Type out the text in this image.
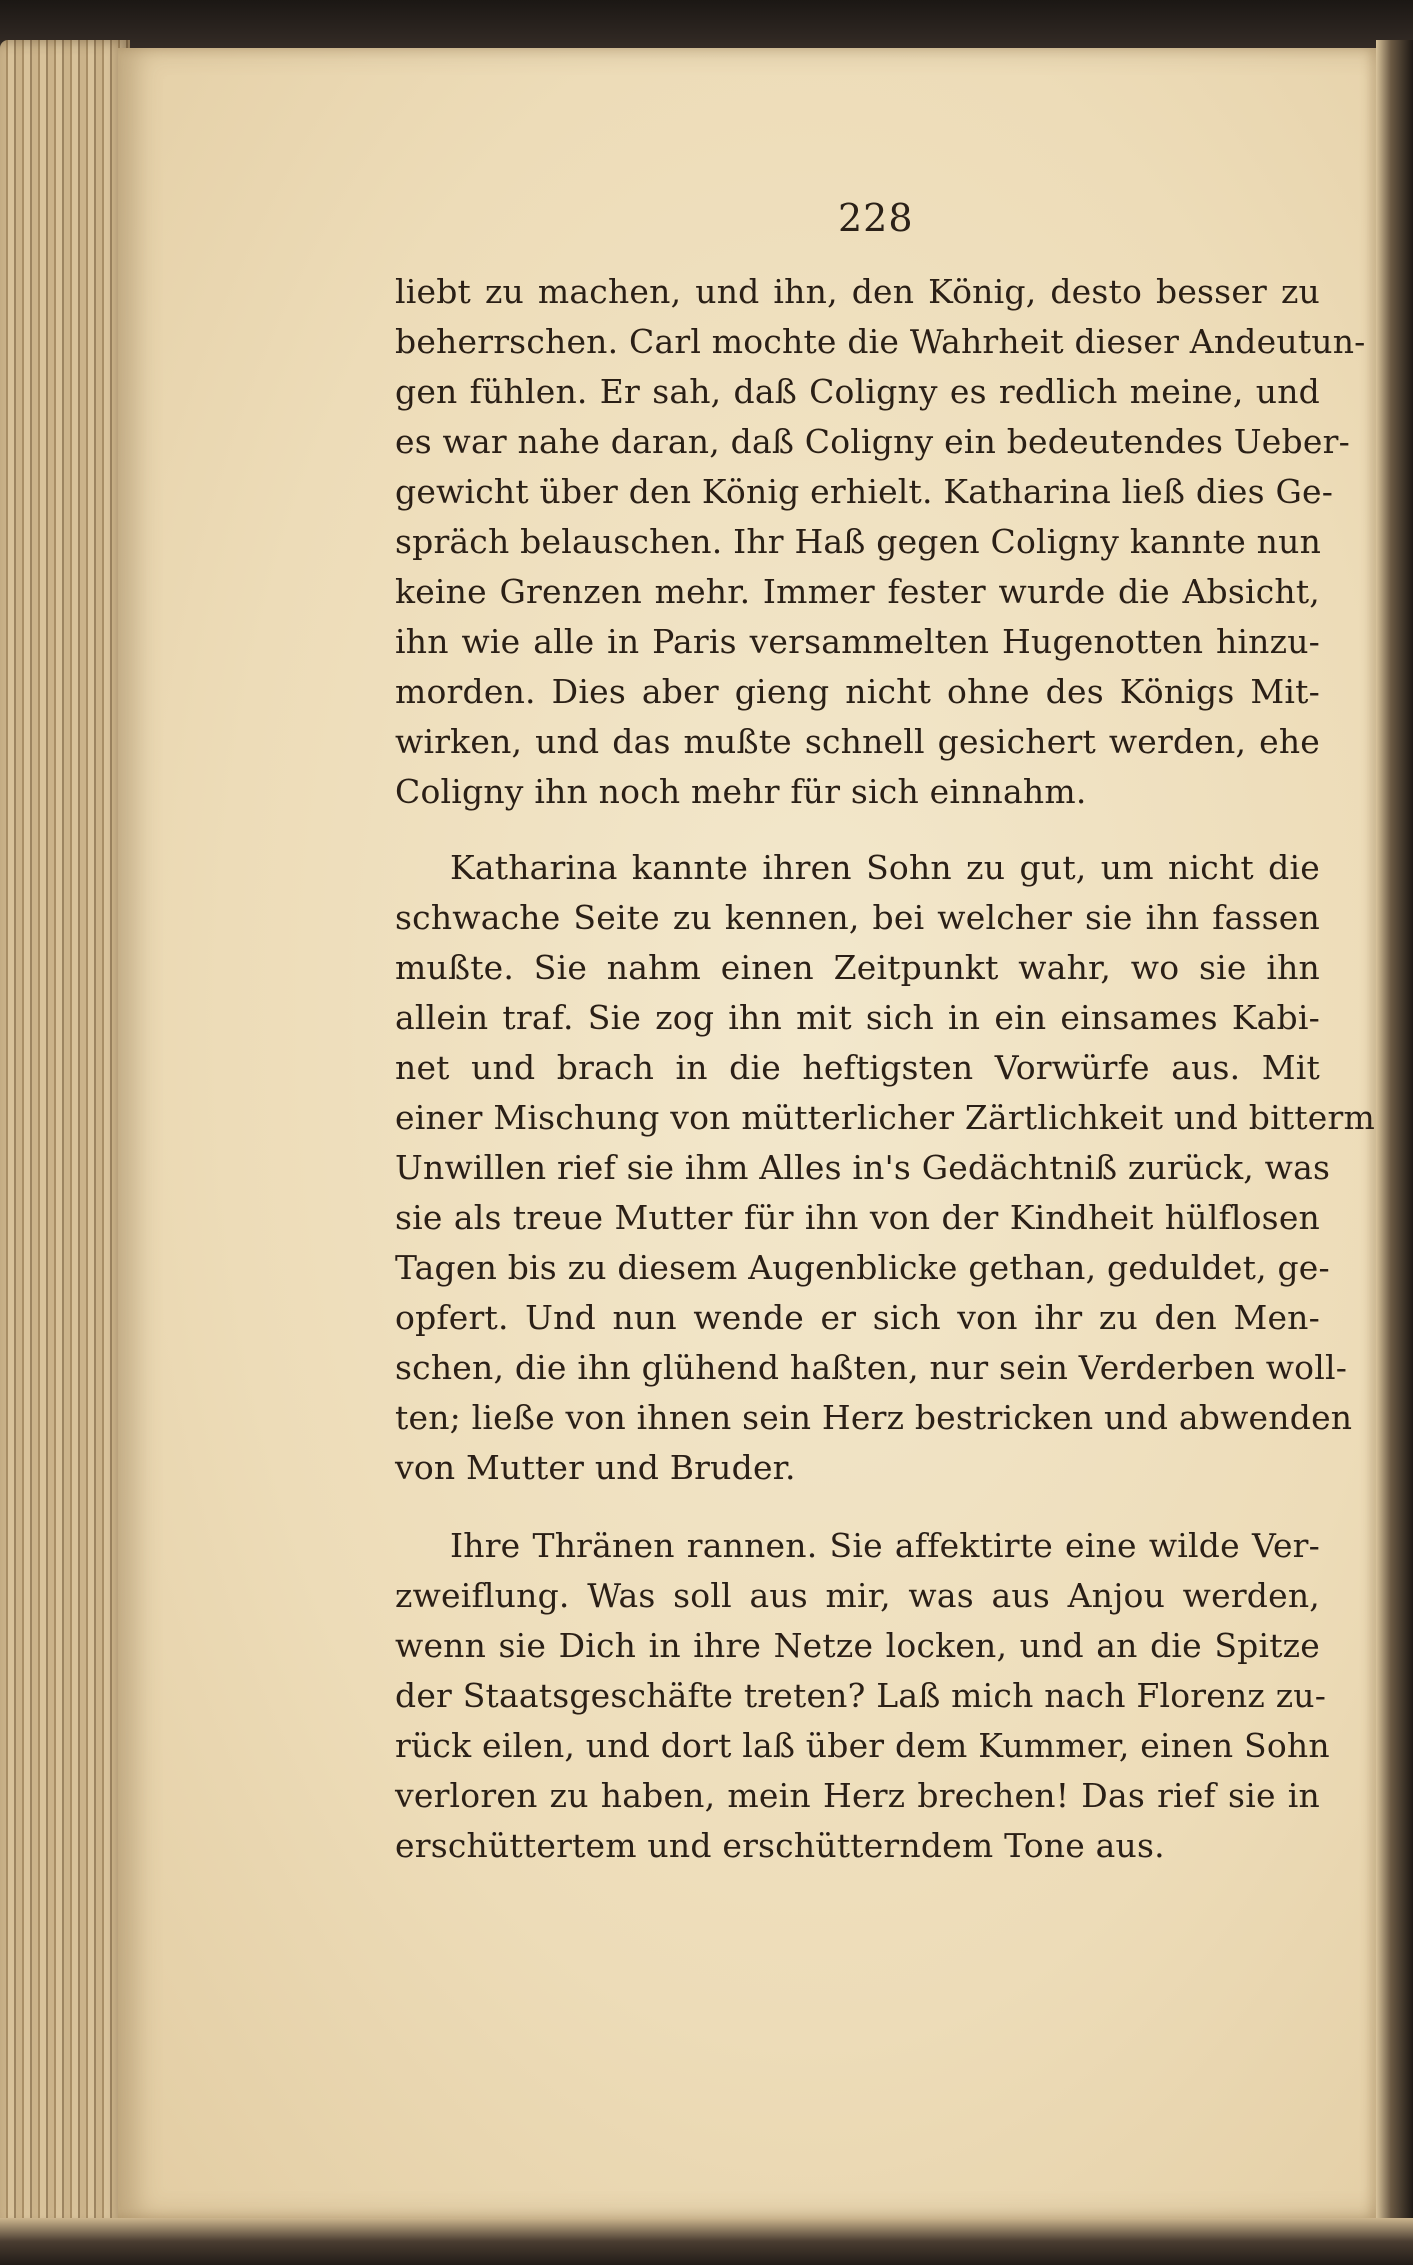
228
liebt zu machen, und ihn, den König, desto besser zu
beherrschen. Carl mochte die Wahrheit dieser Andeutun-
gen fühlen. Er sah, daß Coligny es redlich meine, und
es war nahe daran, daß Coligny ein bedeutendes Ueber-
gewicht über den König erhielt. Katharina ließ dies Ge-
spräch belauschen. Ihr Haß gegen Coligny kannte nun
keine Grenzen mehr. Immer fester wurde die Absicht,
ihn wie alle in Paris versammelten Hugenotten hinzu-
morden. Dies aber gieng nicht ohne des Königs Mit-
wirken, und das mußte schnell gesichert werden, ehe
Coligny ihn noch mehr für sich einnahm.
Katharina kannte ihren Sohn zu gut, um nicht die
schwache Seite zu kennen, bei welcher sie ihn fassen
mußte. Sie nahm einen Zeitpunkt wahr, wo sie ihn
allein traf. Sie zog ihn mit sich in ein einsames Kabi-
net und brach in die heftigsten Vorwürfe aus. Mit
einer Mischung von mütterlicher Zärtlichkeit und bitterm
Unwillen rief sie ihm Alles in's Gedächtniß zurück, was
sie als treue Mutter für ihn von der Kindheit hülflosen
Tagen bis zu diesem Augenblicke gethan, geduldet, ge-
opfert. Und nun wende er sich von ihr zu den Men-
schen, die ihn glühend haßten, nur sein Verderben woll-
ten; ließe von ihnen sein Herz bestricken und abwenden
von Mutter und Bruder.
Ihre Thränen rannen. Sie affektirte eine wilde Ver-
zweiflung. Was soll aus mir, was aus Anjou werden,
wenn sie Dich in ihre Netze locken, und an die Spitze
der Staatsgeschäfte treten? Laß mich nach Florenz zu-
rück eilen, und dort laß über dem Kummer, einen Sohn
verloren zu haben, mein Herz brechen! Das rief sie in
erschüttertem und erschütterndem Tone aus.
